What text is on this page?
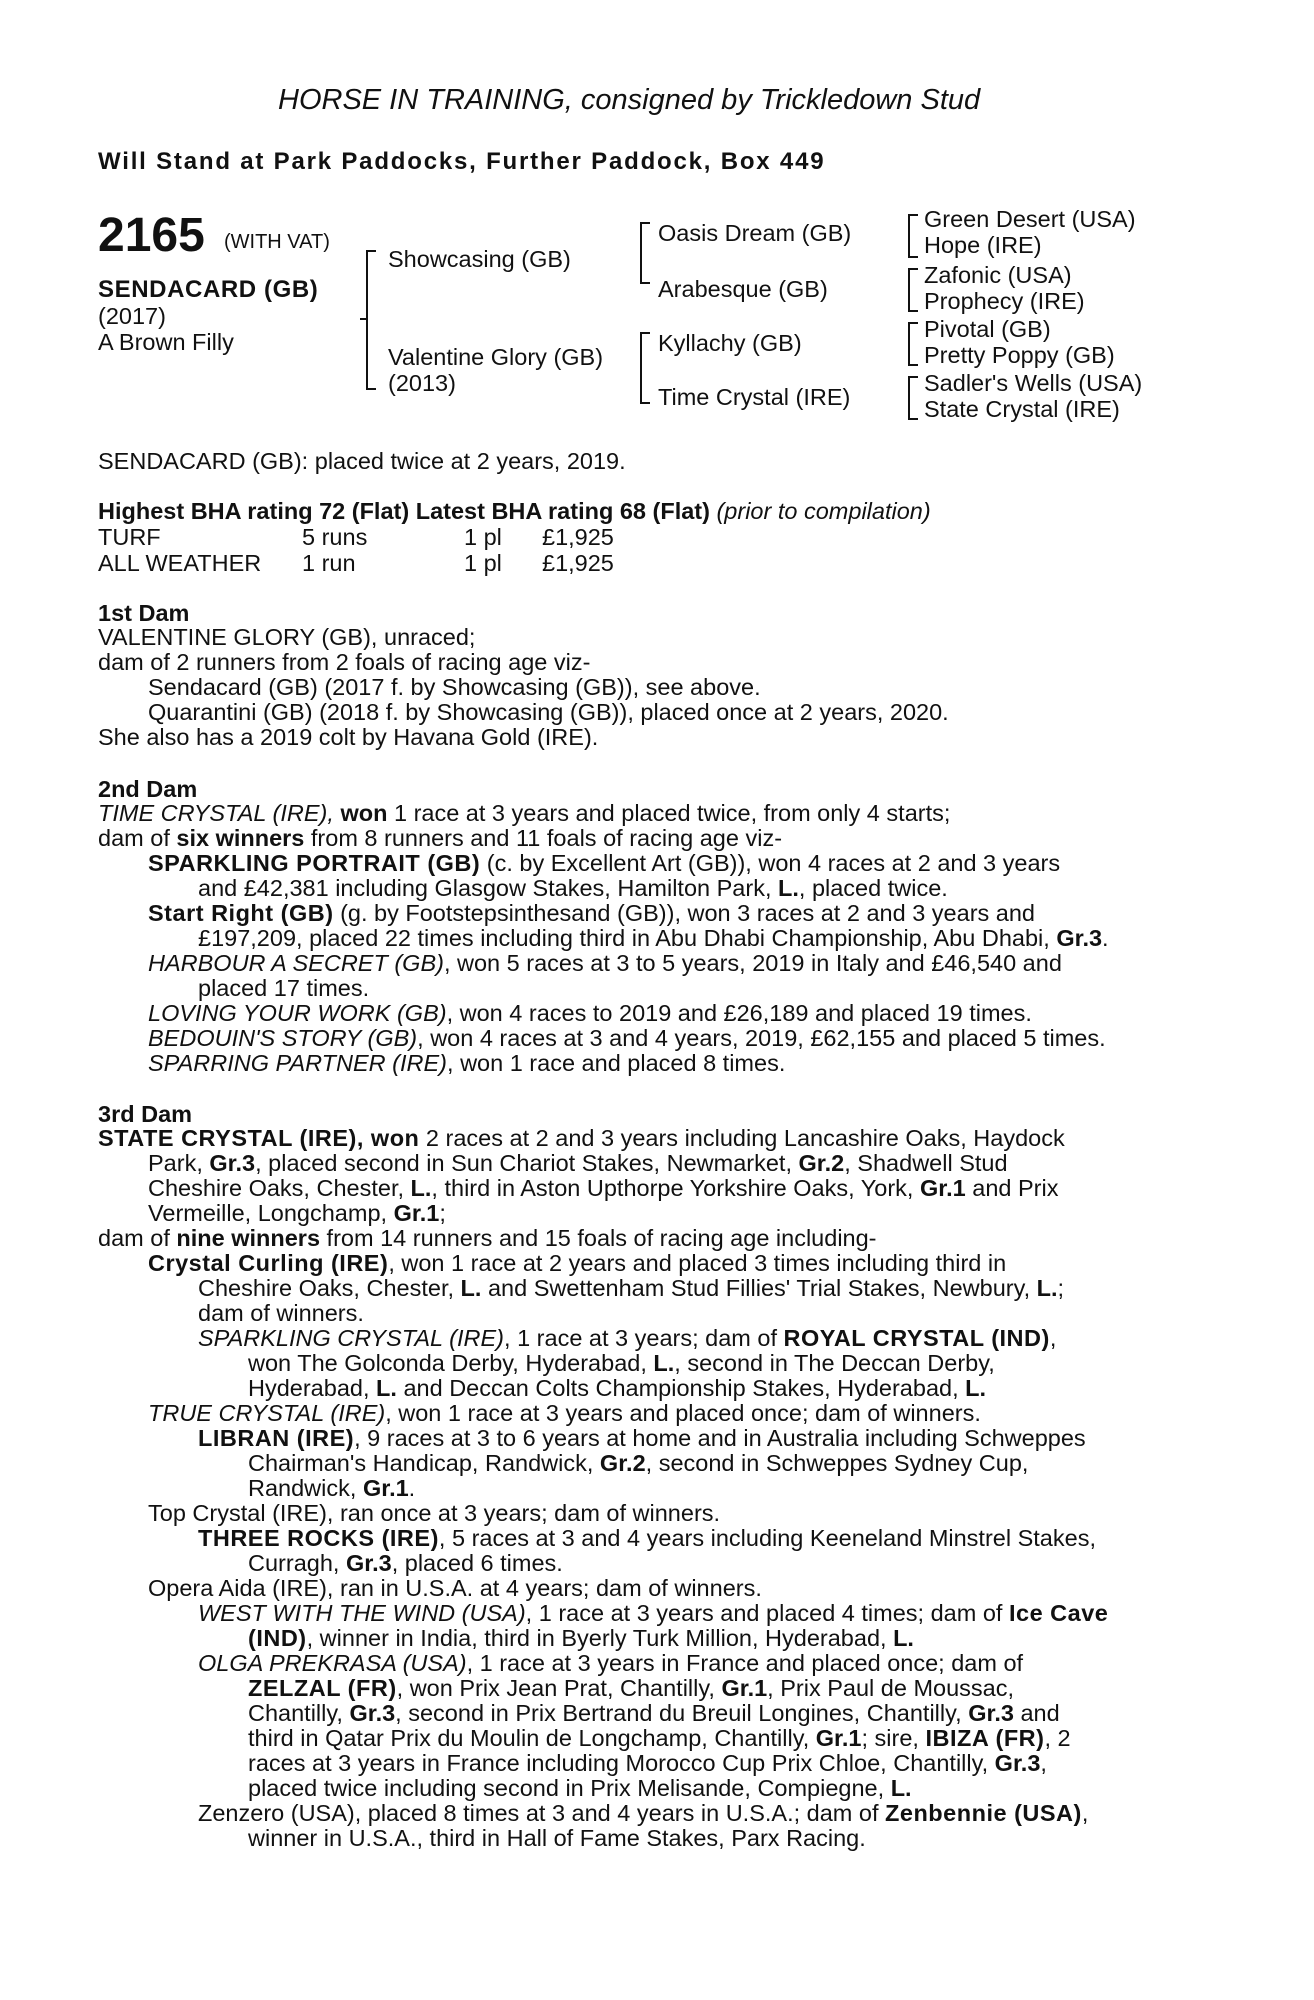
HORSE IN TRAINING, consigned by Trickledown Stud
Will Stand at Park Paddocks, Further Paddock, Box 449
2165 (WITH VAT)
SENDACARD (GB)
(2017)
A Brown Filly
Showcasing (GB)
Valentine Glory (GB)
(2013)
Oasis Dream (GB)
Arabesque (GB)
Kyllachy (GB)
Time Crystal (IRE)
Green Desert (USA)
Hope (IRE)
Zafonic (USA)
Prophecy (IRE)
Pivotal (GB)
Pretty Poppy (GB)
Sadler's Wells (USA)
State Crystal (IRE)
SENDACARD (GB): placed twice at 2 years, 2019.
Highest BHA rating 72 (Flat) Latest BHA rating 68 (Flat) (prior to compilation)
TURF	5 runs	1 pl £1,925
ALL WEATHER 1 run	1 pl £1,925
1st Dam
VALENTINE GLORY (GB), unraced;
dam of 2 runners from 2 foals of racing age viz-
Sendacard (GB) (2017 f. by Showcasing (GB)), see above.
Quarantini (GB) (2018 f. by Showcasing (GB)), placed once at 2 years, 2020.
She also has a 2019 colt by Havana Gold (IRE).
2nd Dam
TIME CRYSTAL (IRE), won 1 race at 3 years and placed twice, from only 4 starts;
dam of six winners from 8 runners and 11 foals of racing age viz-
SPARKLING PORTRAIT (GB) (c. by Excellent Art (GB)), won 4 races at 2 and 3 years
and £42,381 including Glasgow Stakes, Hamilton Park, L., placed twice.
Start Right (GB) (g. by Footstepsinthesand (GB)), won 3 races at 2 and 3 years and
£197,209, placed 22 times including third in Abu Dhabi Championship, Abu Dhabi, Gr.3.
HARBOUR A SECRET (GB), won 5 races at 3 to 5 years, 2019 in Italy and £46,540 and
placed 17 times.
LOVING YOUR WORK (GB), won 4 races to 2019 and £26,189 and placed 19 times.
BEDOUIN'S STORY (GB), won 4 races at 3 and 4 years, 2019, £62,155 and placed 5 times.
SPARRING PARTNER (IRE), won 1 race and placed 8 times.
3rd Dam
STATE CRYSTAL (IRE), won 2 races at 2 and 3 years including Lancashire Oaks, Haydock
Park, Gr.3, placed second in Sun Chariot Stakes, Newmarket, Gr.2, Shadwell Stud
Cheshire Oaks, Chester, L., third in Aston Upthorpe Yorkshire Oaks, York, Gr.1 and Prix
Vermeille, Longchamp, Gr.1;
dam of nine winners from 14 runners and 15 foals of racing age including-
Crystal Curling (IRE), won 1 race at 2 years and placed 3 times including third in
Cheshire Oaks, Chester, L. and Swettenham Stud Fillies' Trial Stakes, Newbury, L.;
dam of winners.
SPARKLING CRYSTAL (IRE), 1 race at 3 years; dam of ROYAL CRYSTAL (IND),
won The Golconda Derby, Hyderabad, L., second in The Deccan Derby,
Hyderabad, L. and Deccan Colts Championship Stakes, Hyderabad, L.
TRUE CRYSTAL (IRE), won 1 race at 3 years and placed once; dam of winners.
LIBRAN (IRE), 9 races at 3 to 6 years at home and in Australia including Schweppes
Chairman's Handicap, Randwick, Gr.2, second in Schweppes Sydney Cup,
Randwick, Gr.1.
Top Crystal (IRE), ran once at 3 years; dam of winners.
THREE ROCKS (IRE), 5 races at 3 and 4 years including Keeneland Minstrel Stakes,
Curragh, Gr.3, placed 6 times.
Opera Aida (IRE), ran in U.S.A. at 4 years; dam of winners.
WEST WITH THE WIND (USA), 1 race at 3 years and placed 4 times; dam of Ice Cave
(IND), winner in India, third in Byerly Turk Million, Hyderabad, L.
OLGA PREKRASA (USA), 1 race at 3 years in France and placed once; dam of
ZELZAL (FR), won Prix Jean Prat, Chantilly, Gr.1, Prix Paul de Moussac,
Chantilly, Gr.3, second in Prix Bertrand du Breuil Longines, Chantilly, Gr.3 and
third in Qatar Prix du Moulin de Longchamp, Chantilly, Gr.1; sire, IBIZA (FR), 2
races at 3 years in France including Morocco Cup Prix Chloe, Chantilly, Gr.3,
placed twice including second in Prix Melisande, Compiegne, L.
Zenzero (USA), placed 8 times at 3 and 4 years in U.S.A.; dam of Zenbennie (USA),
winner in U.S.A., third in Hall of Fame Stakes, Parx Racing.
